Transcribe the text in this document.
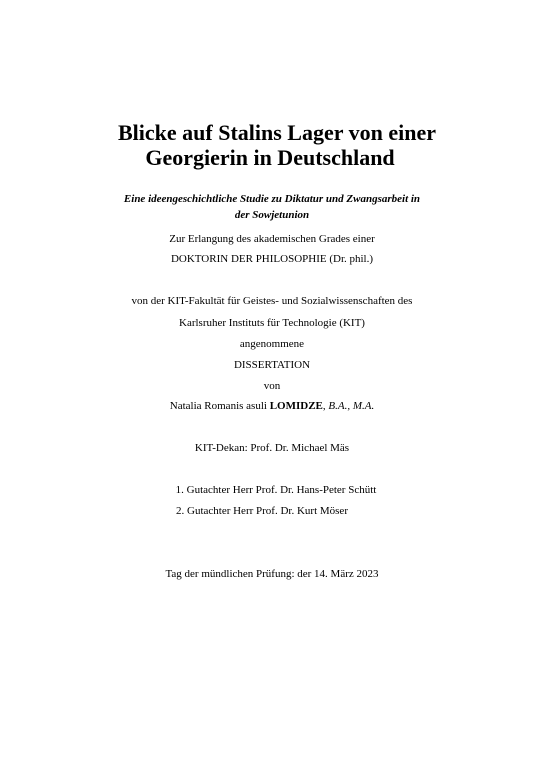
Blicke auf Stalins Lager von einer
Georgierin in Deutschland
Eine ideengeschichtliche Studie zu Diktatur und Zwangsarbeit in
der Sowjetunion
Zur Erlangung des akademischen Grades einer
DOKTORIN DER PHILOSOPHIE (Dr. phil.)
von der KIT-Fakultät für Geistes- und Sozialwissenschaften des
Karlsruher Instituts für Technologie (KIT)
angenommene
DISSERTATION
von
Natalia Romanis asuli LOMIDZE, B.A., M.A.
KIT-Dekan: Prof. Dr. Michael Mäs
1. Gutachter Herr Prof. Dr. Hans-Peter Schütt
2. Gutachter Herr Prof. Dr. Kurt Möser
Tag der mündlichen Prüfung: der 14. März 2023
